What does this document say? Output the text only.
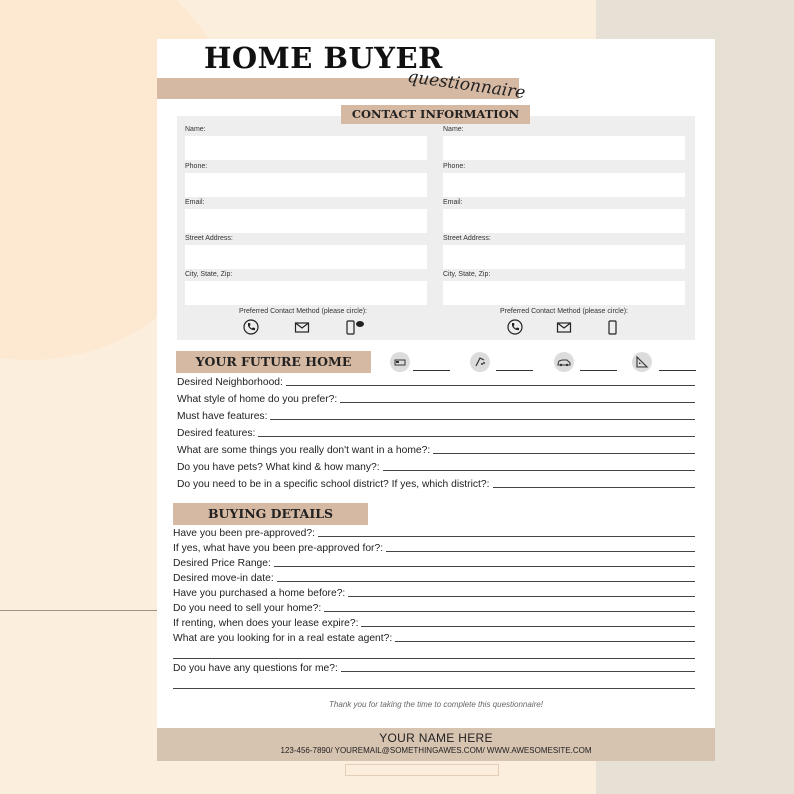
HOME BUYER
questionnaire
Name:
Phone:
Email:
Street Address:
City, State, Zip:
Preferred Contact Method (please circle):
Name:
Phone:
Email:
Street Address:
City, State, Zip:
Preferred Contact Method (please circle):
CONTACT INFORMATION
YOUR FUTURE HOME
Desired Neighborhood:
What style of home do you prefer?:
Must have features:
Desired features:
What are some things you really don't want in a home?:
Do you have pets? What kind & how many?:
Do you need to be in a specific school district? If yes, which district?:
BUYING DETAILS
Have you been pre-approved?:
If yes, what have you been pre-approved for?:
Desired Price Range:
Desired move-in date:
Have you purchased a home before?:
Do you need to sell your home?:
If renting, when does your lease expire?:
What are you looking for in a real estate agent?:
Do you have any questions for me?:
Thank you for taking the time to complete this questionnaire!
YOUR NAME HERE
123-456-7890/ YOUREMAIL@SOMETHINGAWES.COM/ WWW.AWESOMESITE.COM
